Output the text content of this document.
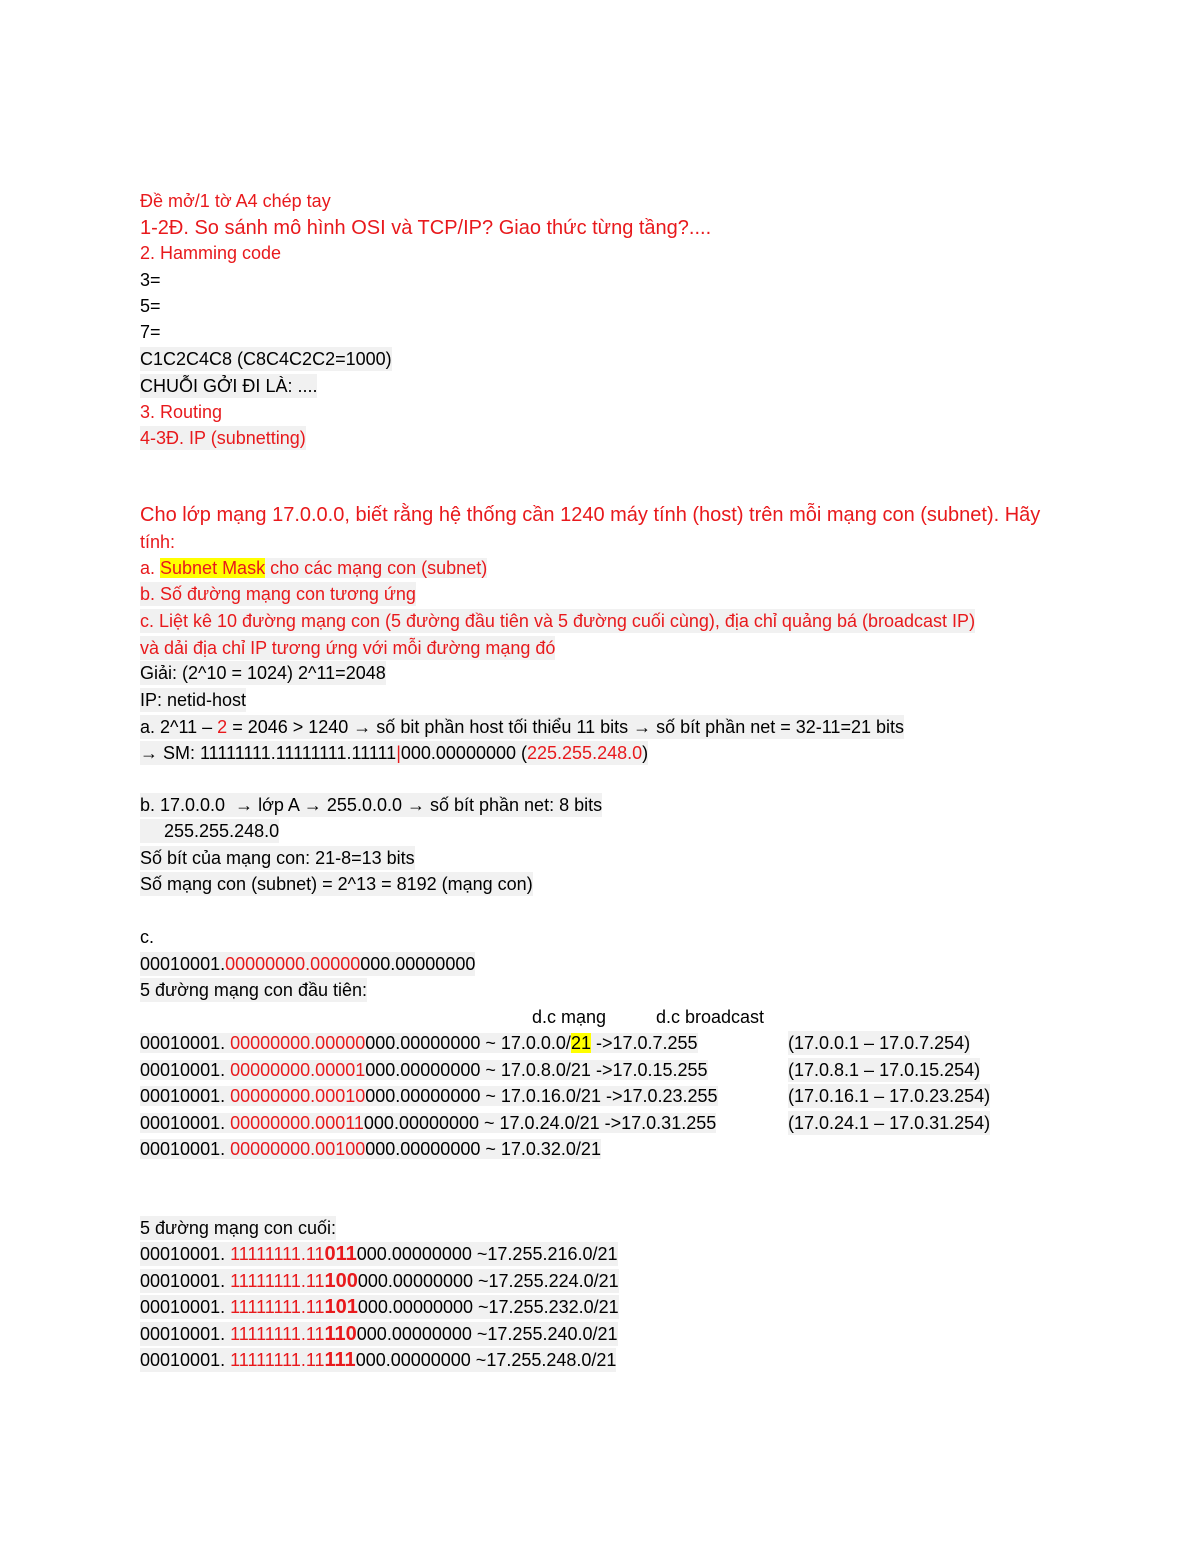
Đề mở/1 tờ A4 chép tay
1-2Đ. So sánh mô hình OSI và TCP/IP? Giao thức từng tầng?....
2. Hamming code
3=
5=
7=
C1C2C4C8 (C8C4C2C2=1000)
CHUỖI GỞI ĐI LÀ: ....
3. Routing
4-3Đ. IP (subnetting)
Cho lớp mạng 17.0.0.0, biết rằng hệ thống cần 1240 máy tính (host) trên mỗi mạng con (subnet). Hãy
tính:
a. Subnet Mask cho các mạng con (subnet)
b. Số đường mạng con tương ứng
c. Liệt kê 10 đường mạng con (5 đường đầu tiên và 5 đường cuối cùng), địa chỉ quảng bá (broadcast IP)
và dải địa chỉ IP tương ứng với mỗi đường mạng đó
Giải: (2^10 = 1024) 2^11=2048
IP: netid-host
a. 2^11 – 2 = 2046 > 1240 → số bit phần host tối thiểu 11 bits → số bít phần net = 32-11=21 bits
→ SM: 11111111.11111111.11111|000.00000000 (225.255.248.0)
b. 17.0.0.0  → lớp A → 255.0.0.0 → số bít phần net: 8 bits
255.255.248.0
Số bít của mạng con: 21-8=13 bits
Số mạng con (subnet) = 2^13 = 8192 (mạng con)
c.
00010001.00000000.00000000.00000000
5 đường mạng con đầu tiên:
d.c mạng	d.c broadcast
00010001. 00000000.00000000.00000000 ~ 17.0.0.0/21 ->17.0.7.255	(17.0.0.1 – 17.0.7.254)
00010001. 00000000.00001000.00000000 ~ 17.0.8.0/21 ->17.0.15.255	(17.0.8.1 – 17.0.15.254)
00010001. 00000000.00010000.00000000 ~ 17.0.16.0/21 ->17.0.23.255	(17.0.16.1 – 17.0.23.254)
00010001. 00000000.00011000.00000000 ~ 17.0.24.0/21 ->17.0.31.255	(17.0.24.1 – 17.0.31.254)
00010001. 00000000.00100000.00000000 ~ 17.0.32.0/21
5 đường mạng con cuối:
00010001. 11111111.11011000.00000000 ~17.255.216.0/21
00010001. 11111111.11100000.00000000 ~17.255.224.0/21
00010001. 11111111.11101000.00000000 ~17.255.232.0/21
00010001. 11111111.11110000.00000000 ~17.255.240.0/21
00010001. 11111111.11111000.00000000 ~17.255.248.0/21
